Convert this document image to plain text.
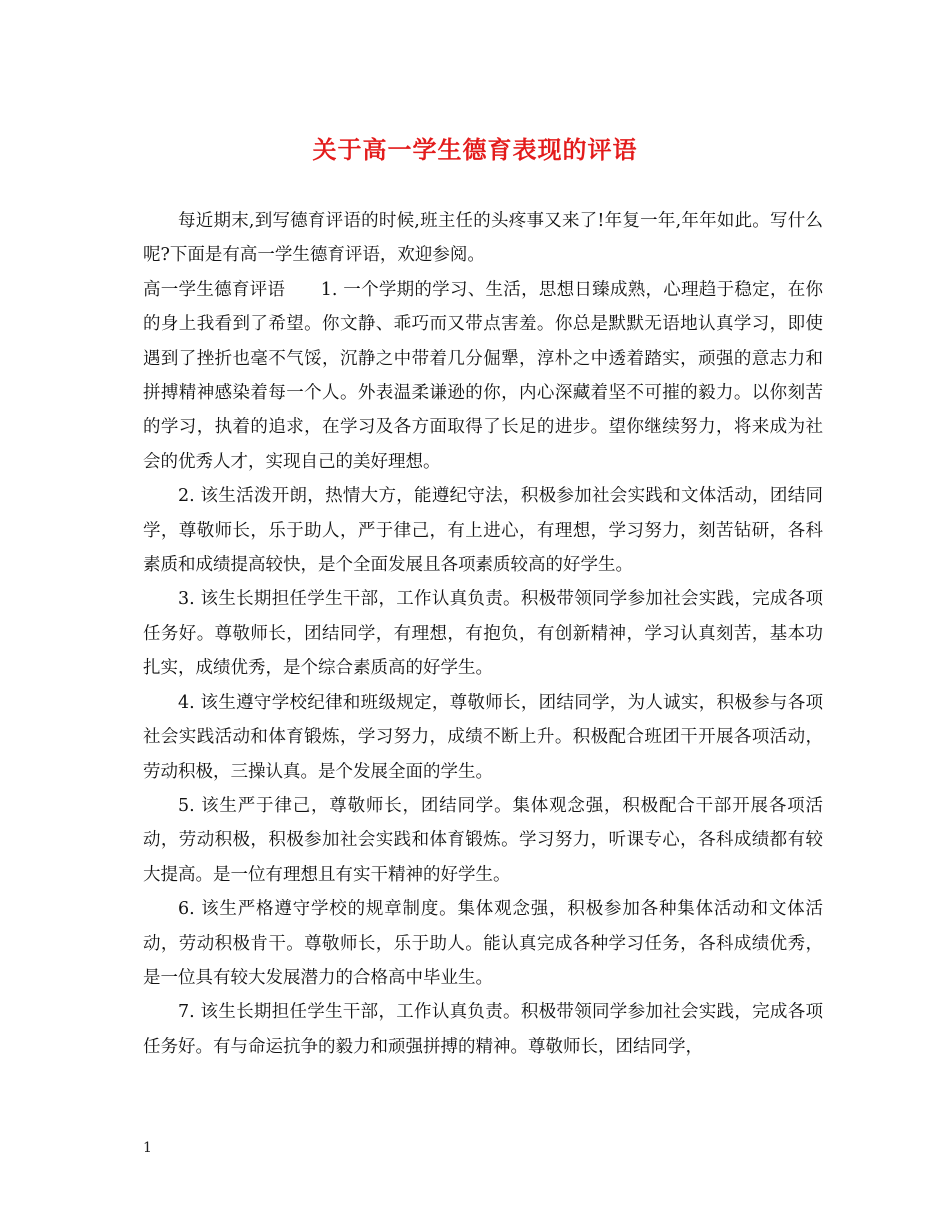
关于高一学生德育表现的评语

每近期末,到写德育评语的时候,班主任的头疼事又来了!年复一年,年年如此。写什么呢?下面是有高一学生德育评语，欢迎参阅。

高一学生德育评语　　1. 一个学期的学习、生活，思想日臻成熟，心理趋于稳定，在你的身上我看到了希望。你文静、乖巧而又带点害羞。你总是默默无语地认真学习，即使遇到了挫折也毫不气馁，沉静之中带着几分倔犟，淳朴之中透着踏实，顽强的意志力和拼搏精神感染着每一个人。外表温柔谦逊的你，内心深藏着坚不可摧的毅力。以你刻苦的学习，执着的追求，在学习及各方面取得了长足的进步。望你继续努力，将来成为社会的优秀人才，实现自己的美好理想。

2. 该生活泼开朗，热情大方，能遵纪守法，积极参加社会实践和文体活动，团结同学，尊敬师长，乐于助人，严于律己，有上进心，有理想，学习努力，刻苦钻研，各科素质和成绩提高较快，是个全面发展且各项素质较高的好学生。

3. 该生长期担任学生干部，工作认真负责。积极带领同学参加社会实践，完成各项任务好。尊敬师长，团结同学，有理想，有抱负，有创新精神，学习认真刻苦，基本功扎实，成绩优秀，是个综合素质高的好学生。

4. 该生遵守学校纪律和班级规定，尊敬师长，团结同学，为人诚实，积极参与各项社会实践活动和体育锻炼，学习努力，成绩不断上升。积极配合班团干开展各项活动，劳动积极，三操认真。是个发展全面的学生。

5. 该生严于律己，尊敬师长，团结同学。集体观念强，积极配合干部开展各项活动，劳动积极，积极参加社会实践和体育锻炼。学习努力，听课专心，各科成绩都有较大提高。是一位有理想且有实干精神的好学生。

6. 该生严格遵守学校的规章制度。集体观念强，积极参加各种集体活动和文体活动，劳动积极肯干。尊敬师长，乐于助人。能认真完成各种学习任务，各科成绩优秀，是一位具有较大发展潜力的合格高中毕业生。

7. 该生长期担任学生干部，工作认真负责。积极带领同学参加社会实践，完成各项任务好。有与命运抗争的毅力和顽强拼搏的精神。尊敬师长，团结同学，

1
